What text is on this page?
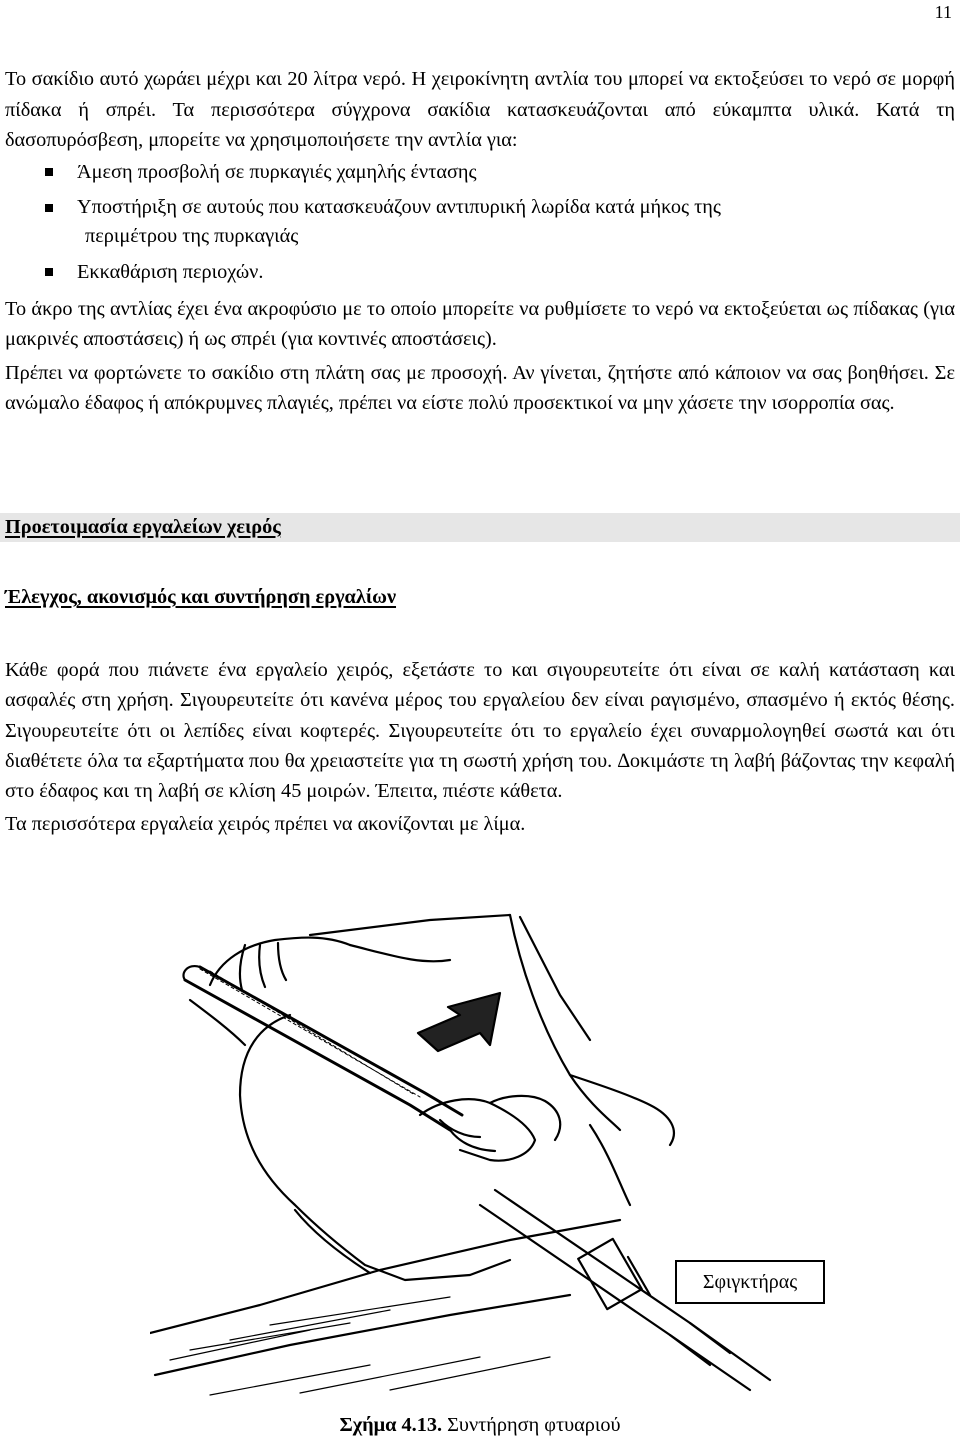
11

Το σακίδιο αυτό χωράει μέχρι και 20 λίτρα νερό. Η χειροκίνητη αντλία του μπορεί να εκτοξεύσει το νερό σε μορφή πίδακα ή σπρέι. Τα περισσότερα σύγχρονα σακίδια κατασκευάζονται από εύκαμπτα υλικά. Κατά τη δασοπυρόσβεση, μπορείτε να χρησιμοποιήσετε την αντλία για:

Άμεση προσβολή σε πυρκαγιές χαμηλής έντασης
Υποστήριξη σε αυτούς που κατασκευάζουν αντιπυρική λωρίδα κατά μήκος της
περιμέτρου της πυρκαγιάς
Εκκαθάριση περιοχών.

Το άκρο της αντλίας έχει ένα ακροφύσιο με το οποίο μπορείτε να ρυθμίσετε το νερό να εκτοξεύεται ως πίδακας (για μακρινές αποστάσεις) ή ως σπρέι (για κοντινές αποστάσεις).

Πρέπει να φορτώνετε το σακίδιο στη πλάτη σας με προσοχή. Αν γίνεται, ζητήστε από κάποιον να σας βοηθήσει. Σε ανώμαλο έδαφος ή απόκρυμνες πλαγιές, πρέπει να είστε πολύ προσεκτικοί να μην χάσετε την ισορροπία σας.

Προετοιμασία εργαλείων χειρός
Έλεγχος, ακονισμός και συντήρηση εργαλίων

Κάθε φορά που πιάνετε ένα εργαλείο χειρός, εξετάστε το και σιγουρευτείτε ότι είναι σε καλή κατάσταση και ασφαλές στη χρήση. Σιγουρευτείτε ότι κανένα μέρος του εργαλείου δεν είναι ραγισμένο, σπασμένο ή εκτός θέσης. Σιγουρευτείτε ότι οι λεπίδες είναι κοφτερές. Σιγουρευτείτε ότι το εργαλείο έχει συναρμολογηθεί σωστά και ότι διαθέτετε όλα τα εξαρτήματα που θα χρειαστείτε για τη σωστή χρήση του. ∆οκιμάστε τη λαβή βάζοντας την κεφαλή στο έδαφος και τη λαβή σε κλίση 45 μοιρών. Έπειτα, πιέστε κάθετα.

Τα περισσότερα εργαλεία χειρός πρέπει να ακονίζονται με λίμα.

Σφιγκτήρας
Σχήμα 4.13. Συντήρηση φτυαριού
